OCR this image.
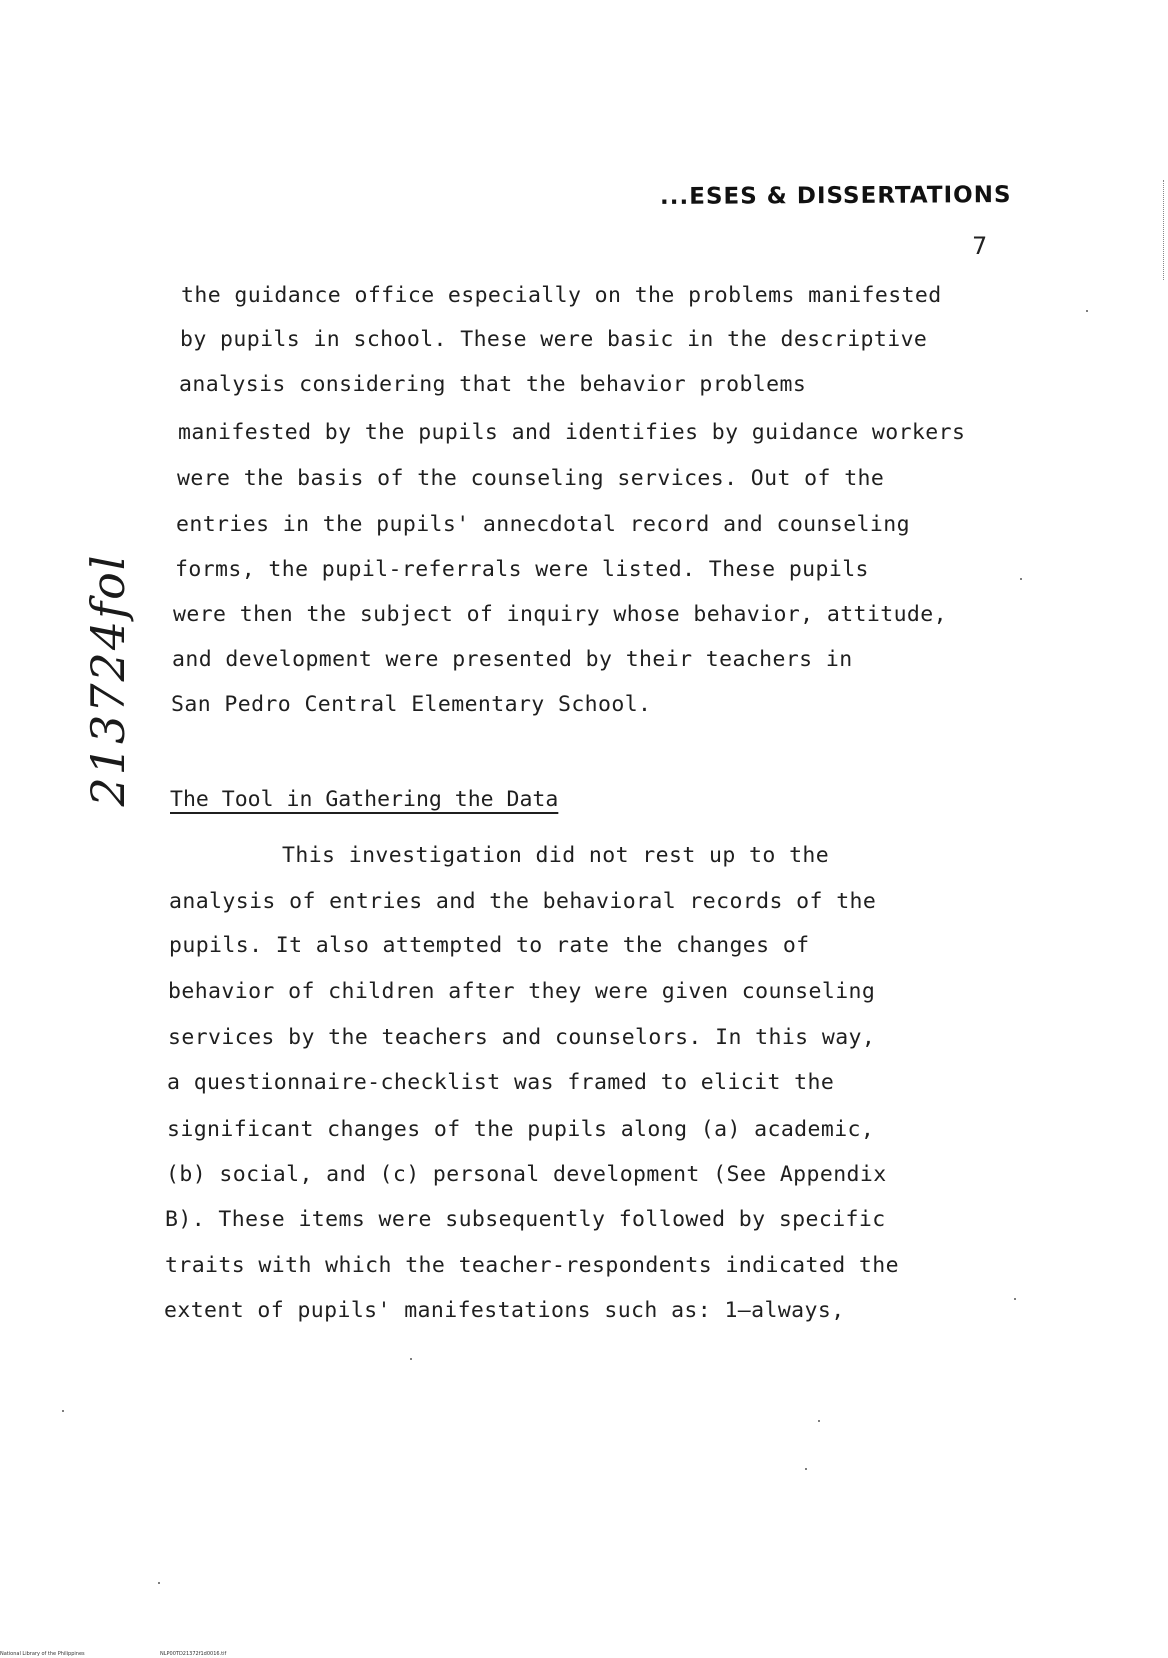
...ESES & DISSERTATIONS
7
213724fol
the guidance office especially on the problems manifested
by pupils in school. These were basic in the descriptive
analysis considering that the behavior problems
manifested by the pupils and identifies by guidance workers
were the basis of the counseling services. Out of the
entries in the pupils' annecdotal record and counseling
forms, the pupil-referrals were listed. These pupils
were then the subject of inquiry whose behavior, attitude,
and development were presented by their teachers in
San Pedro Central Elementary School.
The Tool in Gathering the Data
This investigation did not rest up to the
analysis of entries and the behavioral records of the
pupils. It also attempted to rate the changes of
behavior of children after they were given counseling
services by the teachers and counselors. In this way,
a questionnaire-checklist was framed to elicit the
significant changes of the pupils along (a) academic,
(b) social, and (c) personal development (See Appendix
B). These items were subsequently followed by specific
traits with which the teacher-respondents indicated the
extent of pupils' manifestations such as: 1—always,
National Library of the Philippines	NLP00TD21372f1d0016.tif
